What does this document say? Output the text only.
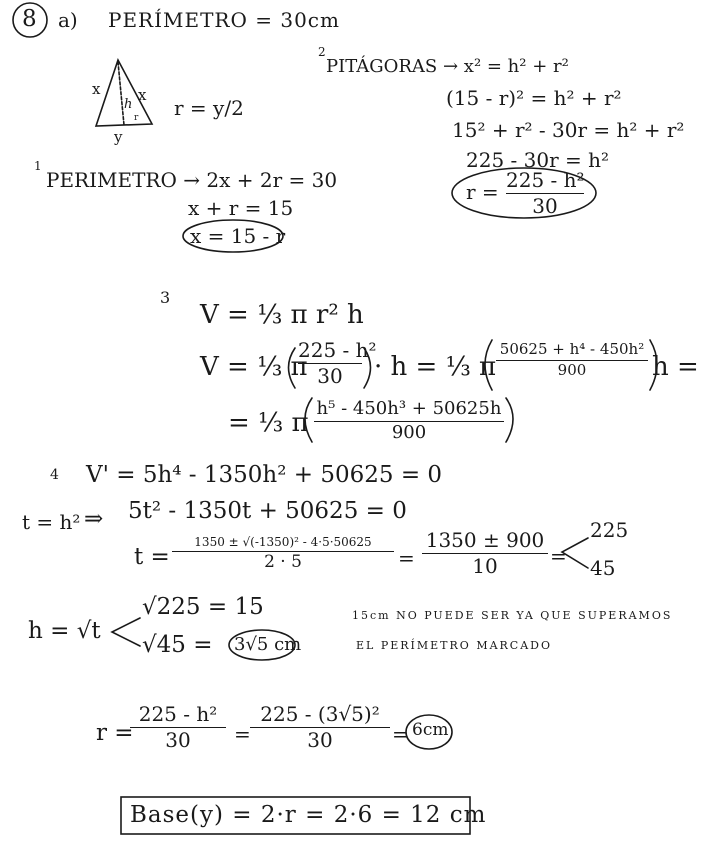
8 a) PERÍMETRO = 30cm
x	x
h
y
r r = y/2
1
PERIMETRO → 2x + 2r = 30
x + r = 15
x = 15 - r
2
PITÁGORAS → x² = h² + r²
(15 - r)² = h² + r²
15² + r² - 30r = h² + r²
225 - 30r = h²
r = 225 - h²
30
3
V = ⅓ π r² h
V = ⅓ π
225 - h²
30	· h = ⅓ π
50625 + h⁴ - 450h²
900	h =
= ⅓ π h⁵ - 450h³ + 50625h
900
4 V' = 5h⁴ - 1350h² + 50625 = 0
t = h² ⇒ 5t² - 1350t + 50625 = 0
t =
1350 ± √(-1350)² - 4·5·50625
2 · 5	=
1350 ± 900
10	=
225
45
h = √t
√225 = 15
√45 = 3√5 cm
15cm NO PUEDE SER YA QUE SUPERAMOS
EL PERÍMETRO MARCADO
r =
225 - h²
30	=
225 - (3√5)²
30	= 6cm
Base(y) = 2·r = 2·6 = 12 cm
